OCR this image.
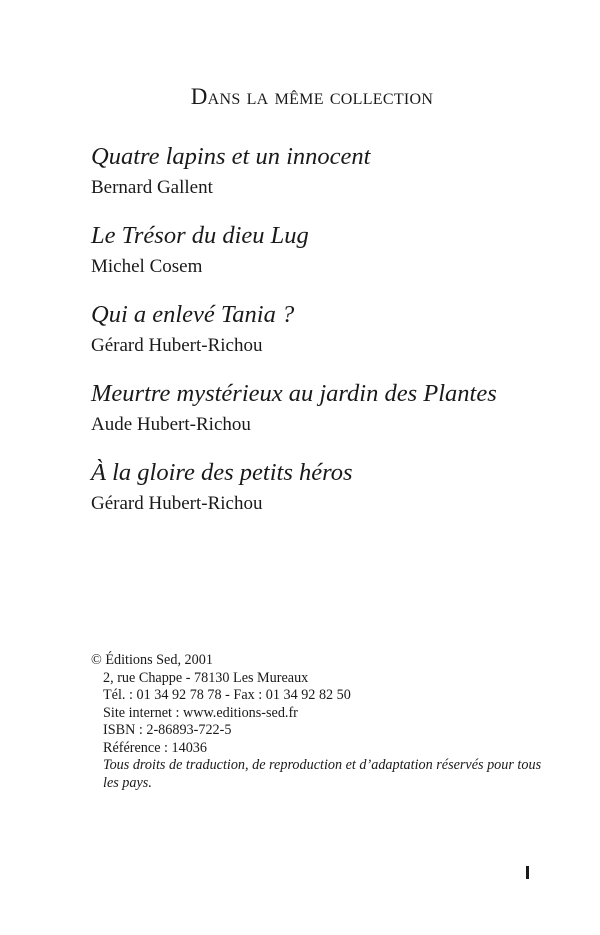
Dans la même collection
Quatre lapins et un innocent
Bernard Gallent
Le Trésor du dieu Lug
Michel Cosem
Qui a enlevé Tania ?
Gérard Hubert-Richou
Meurtre mystérieux au jardin des Plantes
Aude Hubert-Richou
À la gloire des petits héros
Gérard Hubert-Richou
© Éditions Sed, 2001
2, rue Chappe - 78130 Les Mureaux
Tél. : 01 34 92 78 78 - Fax : 01 34 92 82 50
Site internet : www.editions-sed.fr
ISBN : 2-86893-722-5
Référence : 14036
Tous droits de traduction, de reproduction et d’adaptation réservés pour tous les pays.
